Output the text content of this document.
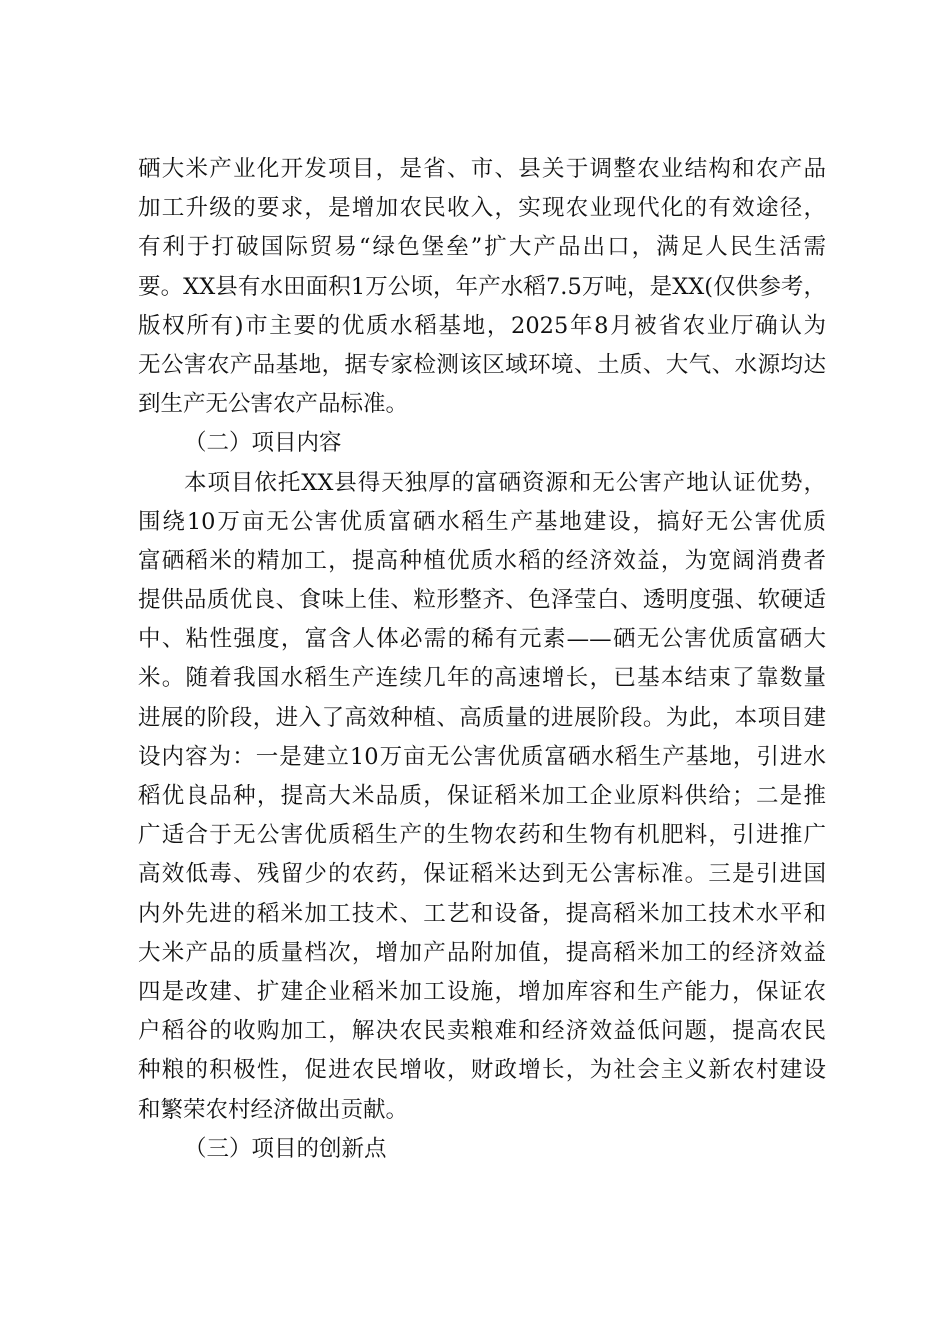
硒大米产业化开发项目，是省、市、县关于调整农业结构和农产品
加工升级的要求，是增加农民收入，实现农业现代化的有效途径，
有利于打破国际贸易“绿色堡垒”扩大产品出口，满足人民生活需
要。XX县有水田面积1万公顷，年产水稻7.5万吨，是XX(仅供参考，
版权所有)市主要的优质水稻基地，2025年8月被省农业厅确认为
无公害农产品基地，据专家检测该区域环境、土质、大气、水源均达
到生产无公害农产品标准。
（二）项目内容
本项目依托XX县得天独厚的富硒资源和无公害产地认证优势，
围绕10万亩无公害优质富硒水稻生产基地建设，搞好无公害优质
富硒稻米的精加工，提高种植优质水稻的经济效益，为宽阔消费者
提供品质优良、食味上佳、粒形整齐、色泽莹白、透明度强、软硬适
中、粘性强度，富含人体必需的稀有元素——硒无公害优质富硒大
米。随着我国水稻生产连续几年的高速增长，已基本结束了靠数量
进展的阶段，进入了高效种植、高质量的进展阶段。为此，本项目建
设内容为：一是建立10万亩无公害优质富硒水稻生产基地，引进水
稻优良品种，提高大米品质，保证稻米加工企业原料供给；二是推
广适合于无公害优质稻生产的生物农药和生物有机肥料，引进推广
高效低毒、残留少的农药，保证稻米达到无公害标准。三是引进国
内外先进的稻米加工技术、工艺和设备，提高稻米加工技术水平和
大米产品的质量档次，增加产品附加值，提高稻米加工的经济效益
四是改建、扩建企业稻米加工设施，增加库容和生产能力，保证农
户稻谷的收购加工，解决农民卖粮难和经济效益低问题，提高农民
种粮的积极性，促进农民增收，财政增长，为社会主义新农村建设
和繁荣农村经济做出贡献。
（三）项目的创新点
